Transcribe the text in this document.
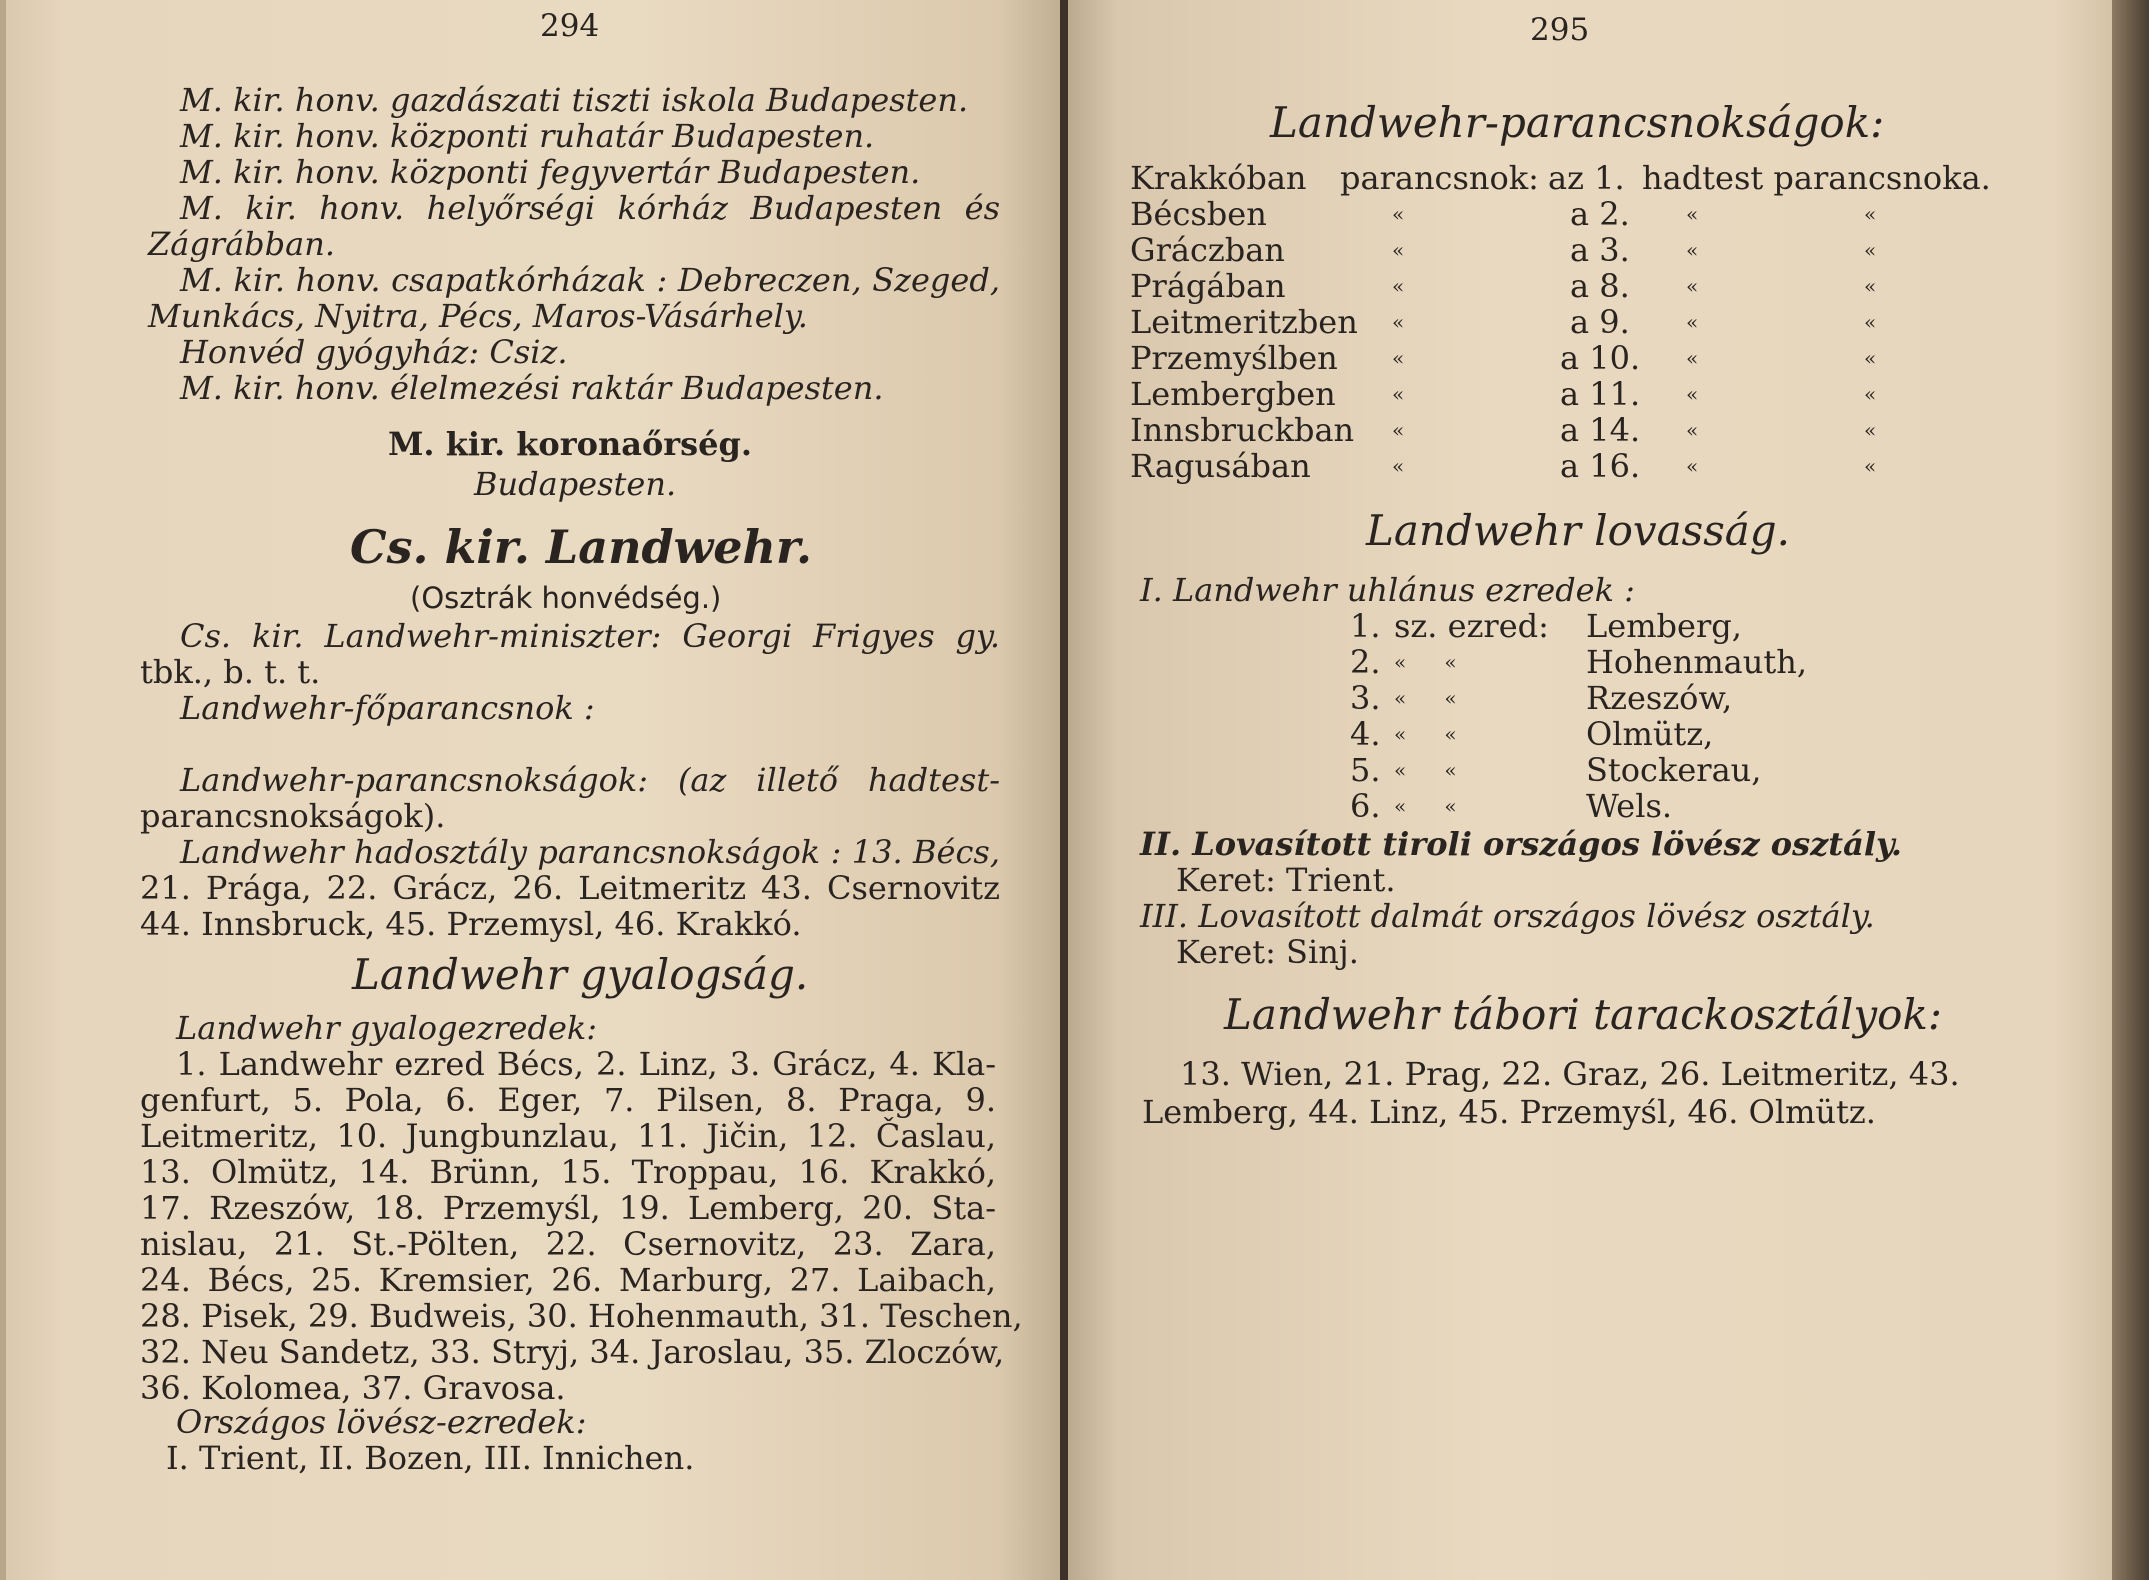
294
M. kir. honv. gazdászati tiszti iskola Budapesten.
M. kir. honv. központi ruhatár Budapesten.
M. kir. honv. központi fegyvertár Budapesten.
M. kir. honv. helyőrségi kórház Budapesten és
Zágrábban.
M. kir. honv. csapatkórházak : Debreczen, Szeged,
Munkács, Nyitra, Pécs, Maros-Vásárhely.
Honvéd gyógyház: Csiz.
M. kir. honv. élelmezési raktár Budapesten.
M. kir. koronaőrség.
Budapesten.
Cs. kir. Landwehr.
(Osztrák honvédség.)
Cs. kir. Landwehr-miniszter: Georgi Frigyes gy.
tbk., b. t. t.
Landwehr-főparancsnok :
Landwehr-parancsnokságok: (az illető hadtest-
parancsnokságok).
Landwehr hadosztály parancsnokságok : 13. Bécs,
21. Prága, 22. Grácz, 26. Leitmeritz 43. Csernovitz
44. Innsbruck, 45. Przemysl, 46. Krakkó.
Landwehr gyalogság.
Landwehr gyalogezredek:
1. Landwehr ezred Bécs, 2. Linz, 3. Grácz, 4. Kla-
genfurt, 5. Pola, 6. Eger, 7. Pilsen, 8. Praga, 9.
Leitmeritz, 10. Jungbunzlau, 11. Jičin, 12. Časlau,
13. Olmütz, 14. Brünn, 15. Troppau, 16. Krakkó,
17. Rzeszów, 18. Przemyśl, 19. Lemberg, 20. Sta-
nislau, 21. St.-Pölten, 22. Csernovitz, 23. Zara,
24. Bécs, 25. Kremsier, 26. Marburg, 27. Laibach,
28. Pisek, 29. Budweis, 30. Hohenmauth, 31. Teschen,
32. Neu Sandetz, 33. Stryj, 34. Jaroslau, 35. Zloczów,
36. Kolomea, 37. Gravosa.
Országos lövész-ezredek:
I. Trient, II. Bozen, III. Innichen.
295
Landwehr-parancsnokságok:
Krakkóban parancsnok: az 1. hadtest parancsnoka.
Bécsben	«	a 2.	«	«
Gráczban	«	a 3.	«	«
Prágában	«	a 8.	«	«
Leitmeritzben «	a 9.	«	«
Przemyślben	«	a 10. «	«
Lembergben	«	a 11. «	«
Innsbruckban «	a 14. «	«
Ragusában	«	a 16. «	«
Landwehr lovasság.
I. Landwehr uhlánus ezredek :
1. sz. ezred: Lemberg,
2. «      «	Hohenmauth,
3. «      «	Rzeszów,
4. «      «	Olmütz,
5. «      «	Stockerau,
6. «      «	Wels.
II. Lovasított tiroli országos lövész osztály.
Keret: Trient.
III. Lovasított dalmát országos lövész osztály.
Keret: Sinj.
Landwehr tábori tarackosztályok:
13. Wien, 21. Prag, 22. Graz, 26. Leitmeritz, 43.
Lemberg, 44. Linz, 45. Przemyśl, 46. Olmütz.
